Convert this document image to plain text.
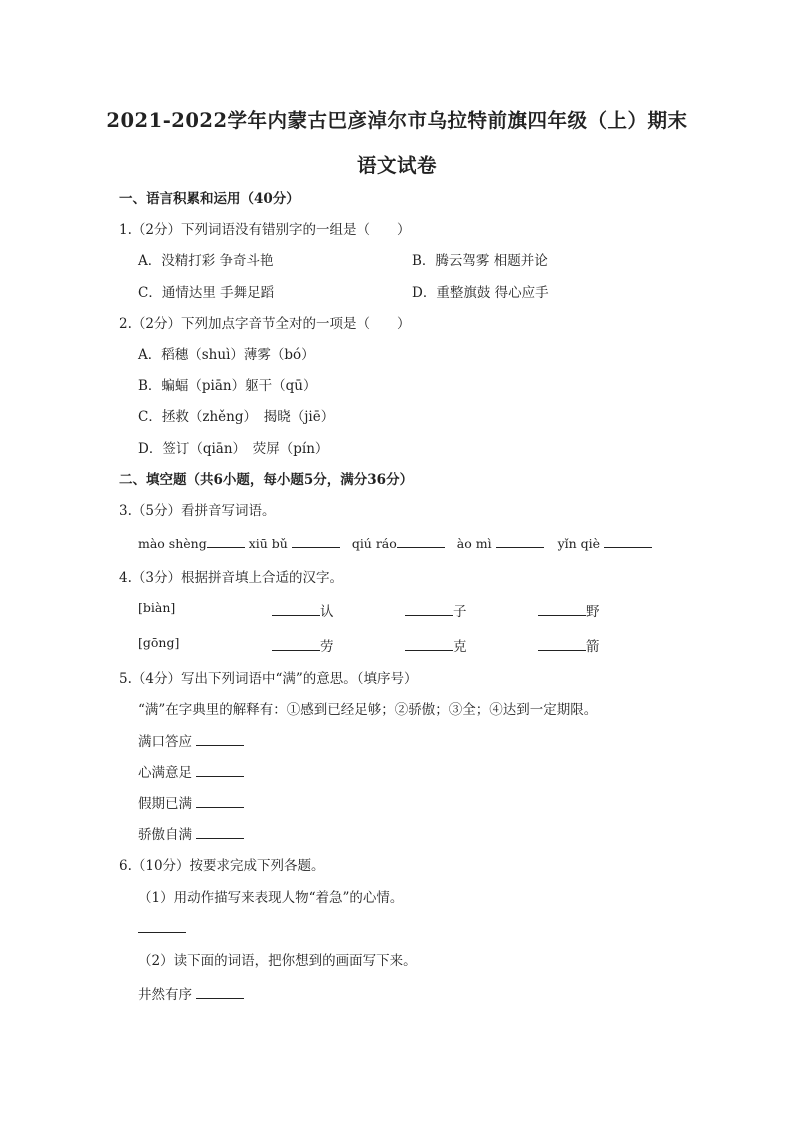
2021-2022学年内蒙古巴彦淖尔市乌拉特前旗四年级（上）期末
语文试卷
一、语言积累和运用（40分）
1.（2分）下列词语没有错别字的一组是（　　）
A．没精打彩 争奇斗艳	B．腾云驾雾 相题并论
C．通情达里 手舞足蹈	D．重整旗鼓 得心应手
2.（2分）下列加点字音节全对的一项是（　　）
A．稻穗（shuì）薄雾（bó）
B．蝙蝠（piān）躯干（qū）
C．拯救（zhěng）　揭晓（jiē）
D．签订（qiān）　荧屏（pín）
二、填空题（共6小题，每小题5分，满分36分）
3.（5分）看拼音写词语。
mào shèng	xiū bǔ	qiú ráo	ào mì	yǐn qiè
4.（3分）根据拼音填上合适的汉字。
[biàn]	认	子	野
[gōng]	劳	克	箭
5.（4分）写出下列词语中“满”的意思。（填序号）
“满”在字典里的解释有：①感到已经足够；②骄傲；③全；④达到一定期限。
满口答应
心满意足
假期已满
骄傲自满
6.（10分）按要求完成下列各题。
（1）用动作描写来表现人物“着急”的心情。
（2）读下面的词语，把你想到的画面写下来。
井然有序
